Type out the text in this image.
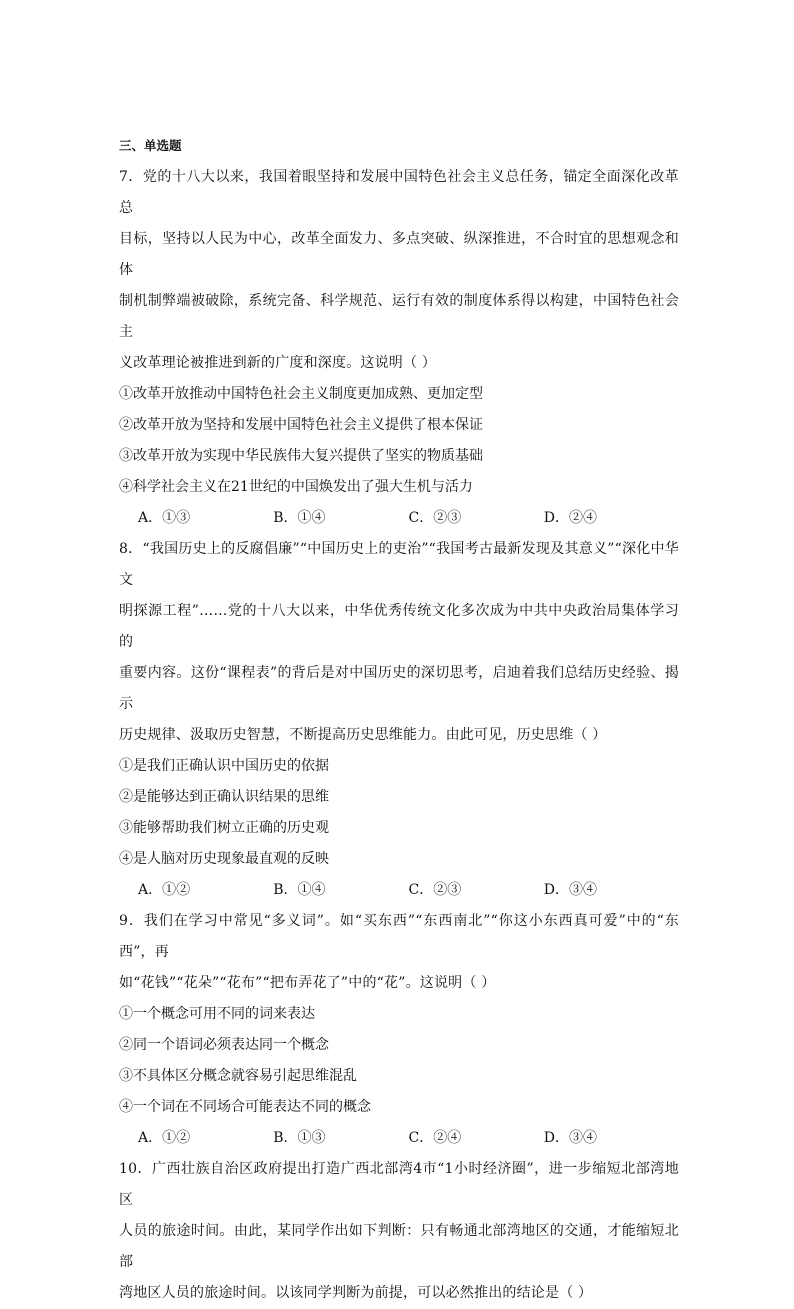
三、单选题

7．党的十八大以来，我国着眼坚持和发展中国特色社会主义总任务，锚定全面深化改革总

目标，坚持以人民为中心，改革全面发力、多点突破、纵深推进，不合时宜的思想观念和体

制机制弊端被破除，系统完备、科学规范、运行有效的制度体系得以构建，中国特色社会主

义改革理论被推进到新的广度和深度。这说明（ ）

①改革开放推动中国特色社会主义制度更加成熟、更加定型

②改革开放为坚持和发展中国特色社会主义提供了根本保证

③改革开放为实现中华民族伟大复兴提供了坚实的物质基础

④科学社会主义在21世纪的中国焕发出了强大生机与活力

A．①③	B．①④	C．②③	D．②④

8．“我国历史上的反腐倡廉”“中国历史上的吏治”“我国考古最新发现及其意义”“深化中华文

明探源工程”……党的十八大以来，中华优秀传统文化多次成为中共中央政治局集体学习的

重要内容。这份“课程表”的背后是对中国历史的深切思考，启迪着我们总结历史经验、揭示

历史规律、汲取历史智慧，不断提高历史思维能力。由此可见，历史思维（ ）

①是我们正确认识中国历史的依据

②是能够达到正确认识结果的思维

③能够帮助我们树立正确的历史观

④是人脑对历史现象最直观的反映

A．①②	B．①④	C．②③	D．③④

9．我们在学习中常见“多义词”。如“买东西”“东西南北”“你这小东西真可爱”中的“东西”，再

如“花钱”“花朵”“花布”“把布弄花了”中的“花”。这说明（ ）

①一个概念可用不同的词来表达

②同一个语词必须表达同一个概念

③不具体区分概念就容易引起思维混乱

④一个词在不同场合可能表达不同的概念

A．①②	B．①③	C．②④	D．③④

10．广西壮族自治区政府提出打造广西北部湾4市“1小时经济圈”，进一步缩短北部湾地区

人员的旅途时间。由此，某同学作出如下判断：只有畅通北部湾地区的交通，才能缩短北部

湾地区人员的旅途时间。以该同学判断为前提，可以必然推出的结论是（ ）
